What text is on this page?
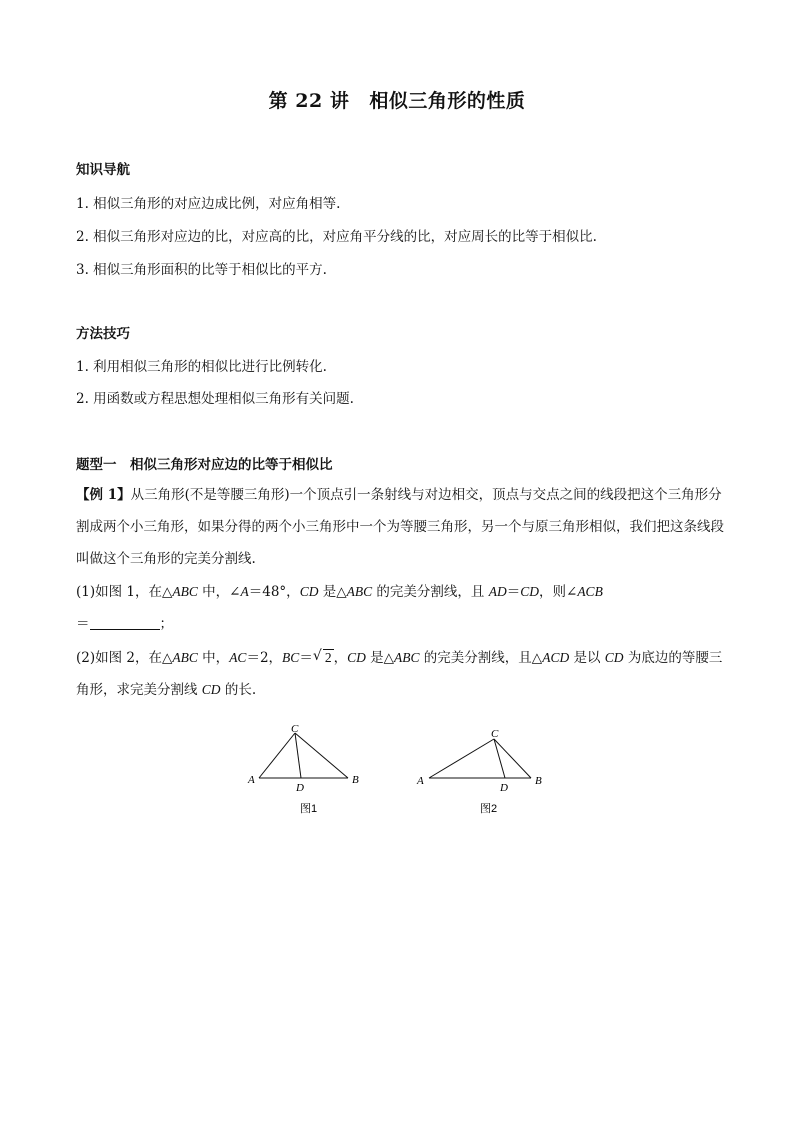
第 22 讲 相似三角形的性质
知识导航
1. 相似三角形的对应边成比例，对应角相等.
2. 相似三角形对应边的比，对应高的比，对应角平分线的比，对应周长的比等于相似比.
3. 相似三角形面积的比等于相似比的平方.
方法技巧
1. 利用相似三角形的相似比进行比例转化.
2. 用函数或方程思想处理相似三角形有关问题.
题型一　相似三角形对应边的比等于相似比
【例 1】从三角形(不是等腰三角形)一个顶点引一条射线与对边相交，顶点与交点之间的线段把这个三角形分割成两个小三角形，如果分得的两个小三角形中一个为等腰三角形，另一个与原三角形相似，我们把这条线段叫做这个三角形的完美分割线.
(1)如图 1，在△ABC 中，∠A＝48°，CD 是△ABC 的完美分割线，且 AD＝CD，则∠ACB
＝	；
(2)如图 2，在△ABC 中，AC＝2，BC＝ √ 2 ，CD 是△ABC 的完美分割线，且△ACD 是以 CD 为底边的等腰三角形，求完美分割线 CD 的长.
C
A	B
D
图1
C
A	B
D
图2
